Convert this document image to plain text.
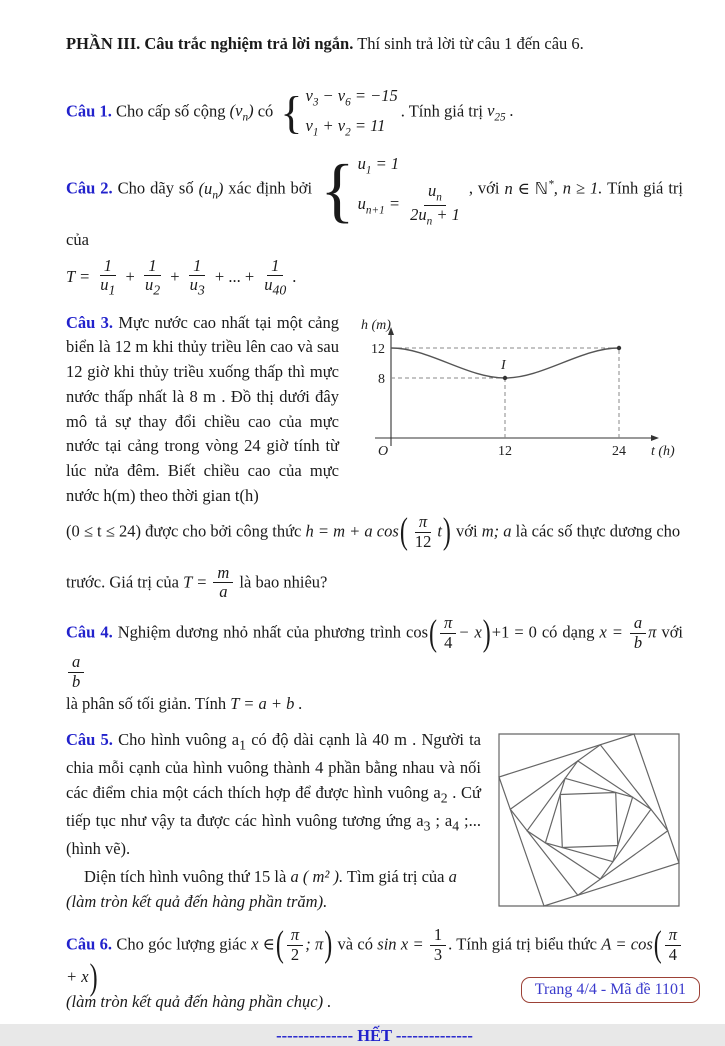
PHẦN III. Câu trắc nghiệm trả lời ngắn. Thí sinh trả lời từ câu 1 đến câu 6.

Câu 1. Cho cấp số cộng $(v_n)$ có { $v_3 - v_6 = -15$
$v_1 + v_2 = 11$
. Tính giá trị $v_{25}$ .
Câu 2. Cho dãy số $(u_n)$ xác định bởi { $u_1 = 1$
$u_{n+1} = \frac{u_n}{2u_n + 1}$ , với n ∈ ℕ*, n ≥ 1. Tính giá trị của
$T = \frac{1}{u_1} + \frac{1}{u_2} + \frac{1}{u_3}$ + ... + $\frac{1}{u_{40}}$ .
h (m)
12
8
O	12	24 t (h)
I
Câu 3. Mực nước cao nhất tại một cảng biển là 12 m khi thủy triều lên cao và sau 12 giờ khi thủy triều xuống thấp thì mực nước thấp nhất là 8 m . Đồ thị dưới đây mô tả sự thay đổi chiều cao của mực nước tại cảng trong vòng 24 giờ tính từ lúc nửa đêm. Biết chiều cao của mực nước h(m) theo thời gian t(h)
(0 ≤ t ≤ 24) được cho bởi công thức h = m + a $\cos( \frac{\pi}{12} t)$ với m; a là các số thực dương cho
trước. Giá trị của $T = \frac{m}{a}$ là bao nhiêu?
Câu 4. Nghiệm dương nhỏ nhất của phương trình $\cos( \frac{\pi}{4} - x)+1 = 0$ có dạng $x = \frac{a}{b}$ π với
$\frac{a}{b}$

là phân số tối giản. Tính T = a + b .
Câu 5. Cho hình vuông $a_1$ có độ dài cạnh là 40 m . Người ta chia mỗi cạnh của hình vuông thành 4 phần bằng nhau và nối các điểm chia một cách thích hợp để được hình vuông $a_2$ . Cứ tiếp tục như vậy ta được các hình vuông tương ứng $a_3$ ; $a_4$ ;... (hình vẽ).
Diện tích hình vuông thứ 15 là a ( m² ). Tìm giá trị của a
(làm tròn kết quả đến hàng phần trăm).
Câu 6. Cho góc lượng giác x ∈( $\frac{\pi}{2}$ ; π) và có $\sin x = \frac{1}{3}$ . Tính giá trị biểu thức $A = \cos( \frac{\pi}{4}$
+ x)
(làm tròn kết quả đến hàng phần chục) .
-------------- HẾT --------------
Trang 4/4 - Mã đề 1101
